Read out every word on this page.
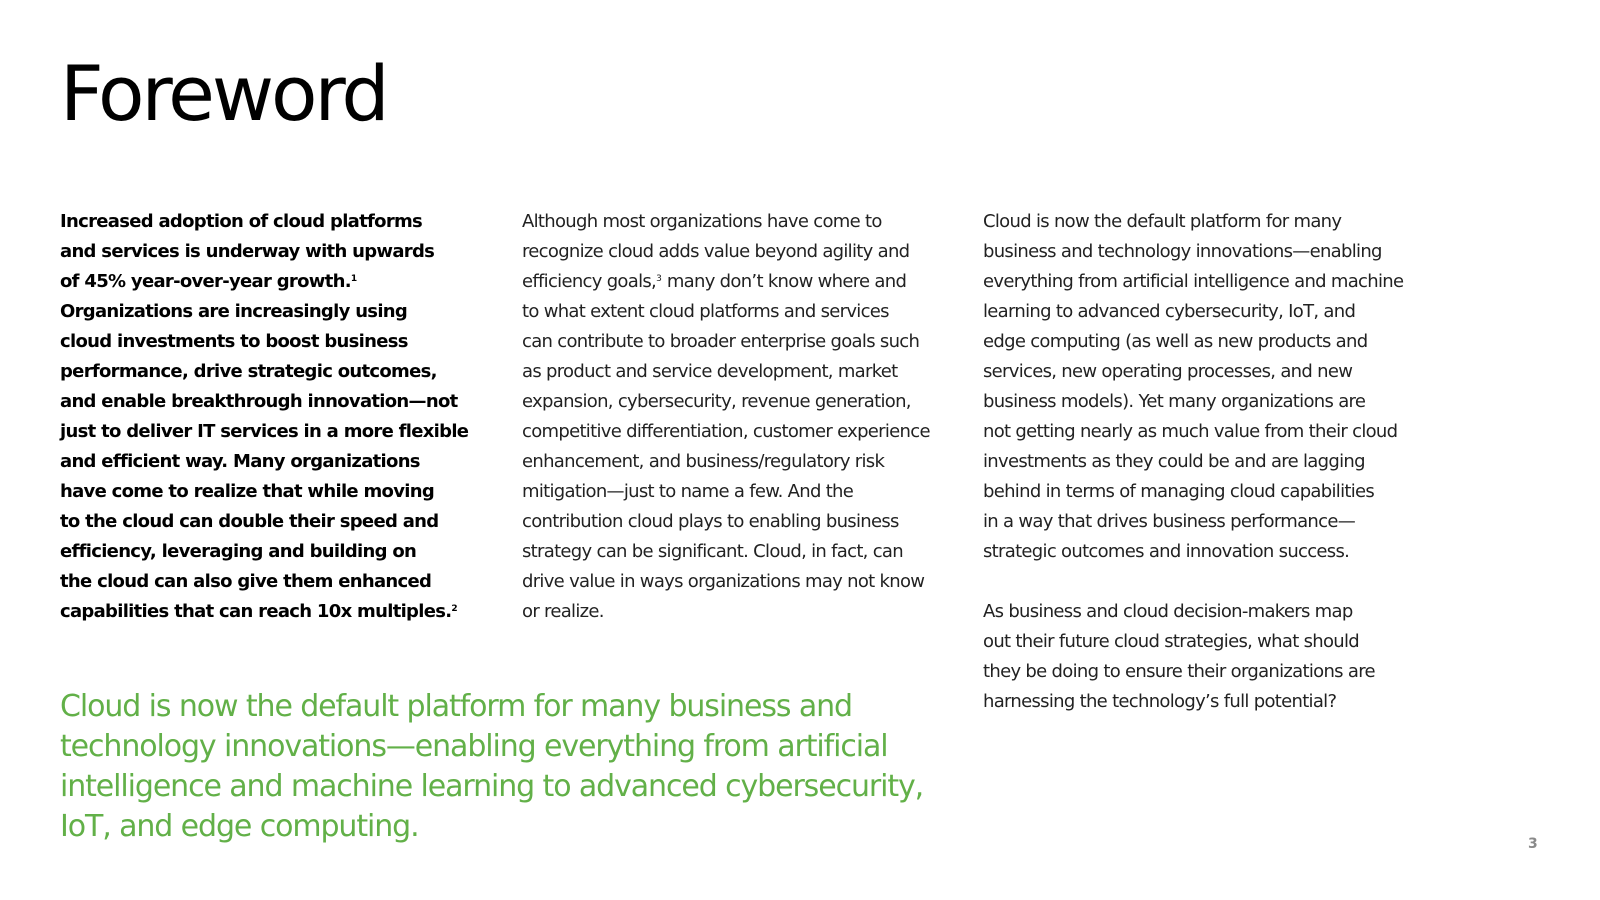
Foreword

Increased adoption of cloud platforms
and services is underway with upwards
of 45% year-over-year growth.$^1$
Organizations are increasingly using
cloud investments to boost business
performance, drive strategic outcomes,
and enable breakthrough innovation—not
just to deliver IT services in a more flexible
and efficient way. Many organizations
have come to realize that while moving
to the cloud can double their speed and
efficiency, leveraging and building on
the cloud can also give them enhanced
capabilities that can reach 10x multiples.$^2$

Although most organizations have come to
recognize cloud adds value beyond agility and
efficiency goals,$^3$ many don’t know where and
to what extent cloud platforms and services
can contribute to broader enterprise goals such
as product and service development, market
expansion, cybersecurity, revenue generation,
competitive differentiation, customer experience
enhancement, and business/regulatory risk
mitigation—just to name a few. And the
contribution cloud plays to enabling business
strategy can be significant. Cloud, in fact, can
drive value in ways organizations may not know
or realize.

Cloud is now the default platform for many
business and technology innovations—enabling
everything from artificial intelligence and machine
learning to advanced cybersecurity, IoT, and
edge computing (as well as new products and
services, new operating processes, and new
business models). Yet many organizations are
not getting nearly as much value from their cloud
investments as they could be and are lagging
behind in terms of managing cloud capabilities
in a way that drives business performance—
strategic outcomes and innovation success.

As business and cloud decision-makers map
out their future cloud strategies, what should
they be doing to ensure their organizations are
harnessing the technology’s full potential?

Cloud is now the default platform for many business and
technology innovations—enabling everything from artificial
intelligence and machine learning to advanced cybersecurity,
IoT, and edge computing.	3
